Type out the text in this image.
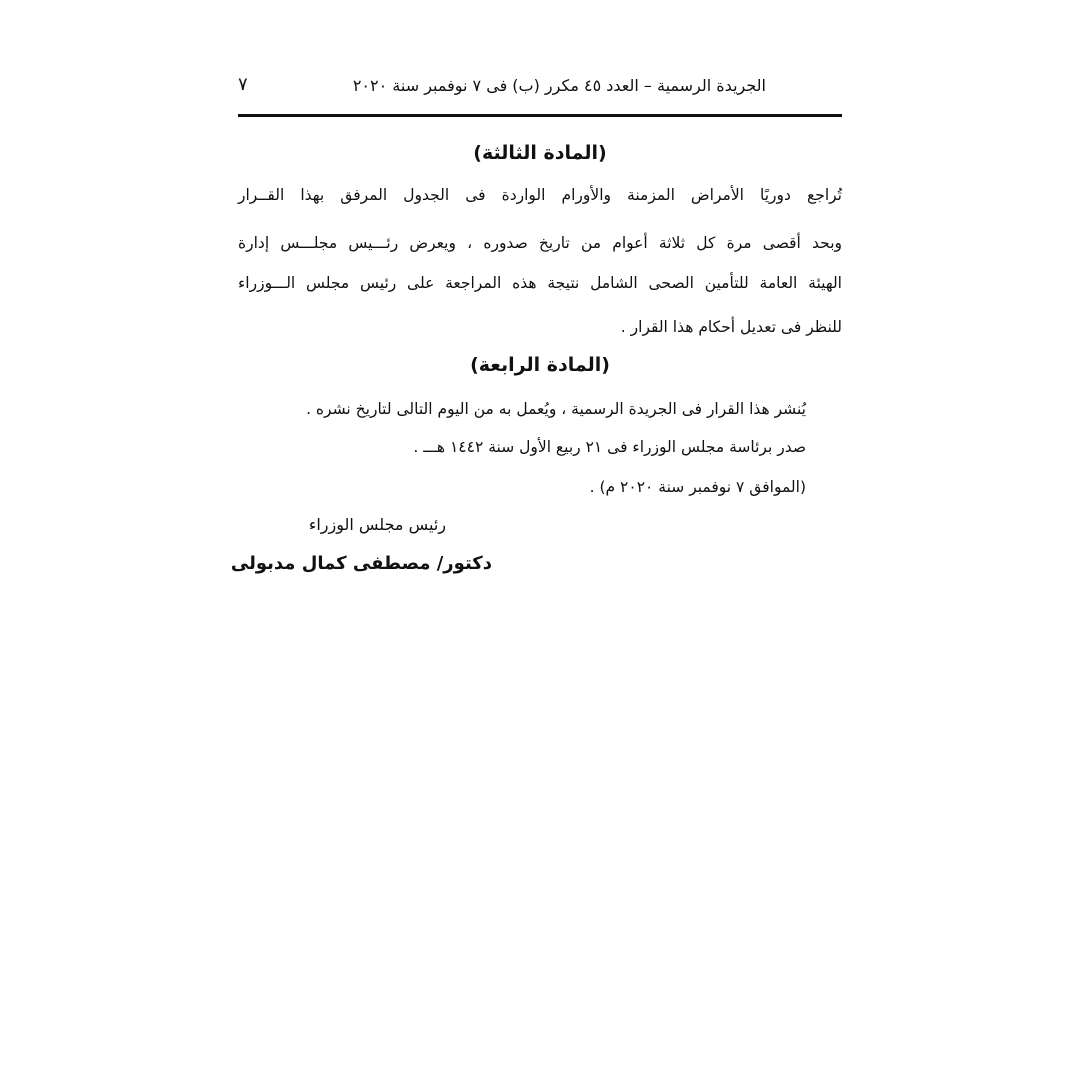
الجريدة الرسمية – العدد ٤٥ مكرر (ب) فى ٧ نوفمبر سنة ٢٠٢٠
٧
(المادة الثالثة)
تُراجع دوريًا الأمراض المزمنة والأورام الواردة فى الجدول المرفق بهذا القــرار
وبحد أقصى مرة كل ثلاثة أعوام من تاريخ صدوره ، ويعرض رئـــيس مجلـــس إدارة
الهيئة العامة للتأمين الصحى الشامل نتيجة هذه المراجعة على رئيس مجلس الـــوزراء
للنظر فى تعديل أحكام هذا القرار .
(المادة الرابعة)
يُنشر هذا القرار فى الجريدة الرسمية ، ويُعمل به من اليوم التالى لتاريخ نشره .
صدر برئاسة مجلس الوزراء فى ٢١ ربيع الأول سنة ١٤٤٢ هـــ .
(الموافق ٧ نوفمبر سنة ٢٠٢٠ م) .
رئيس مجلس الوزراء
دكتور/ مصطفى كمال مدبولى
